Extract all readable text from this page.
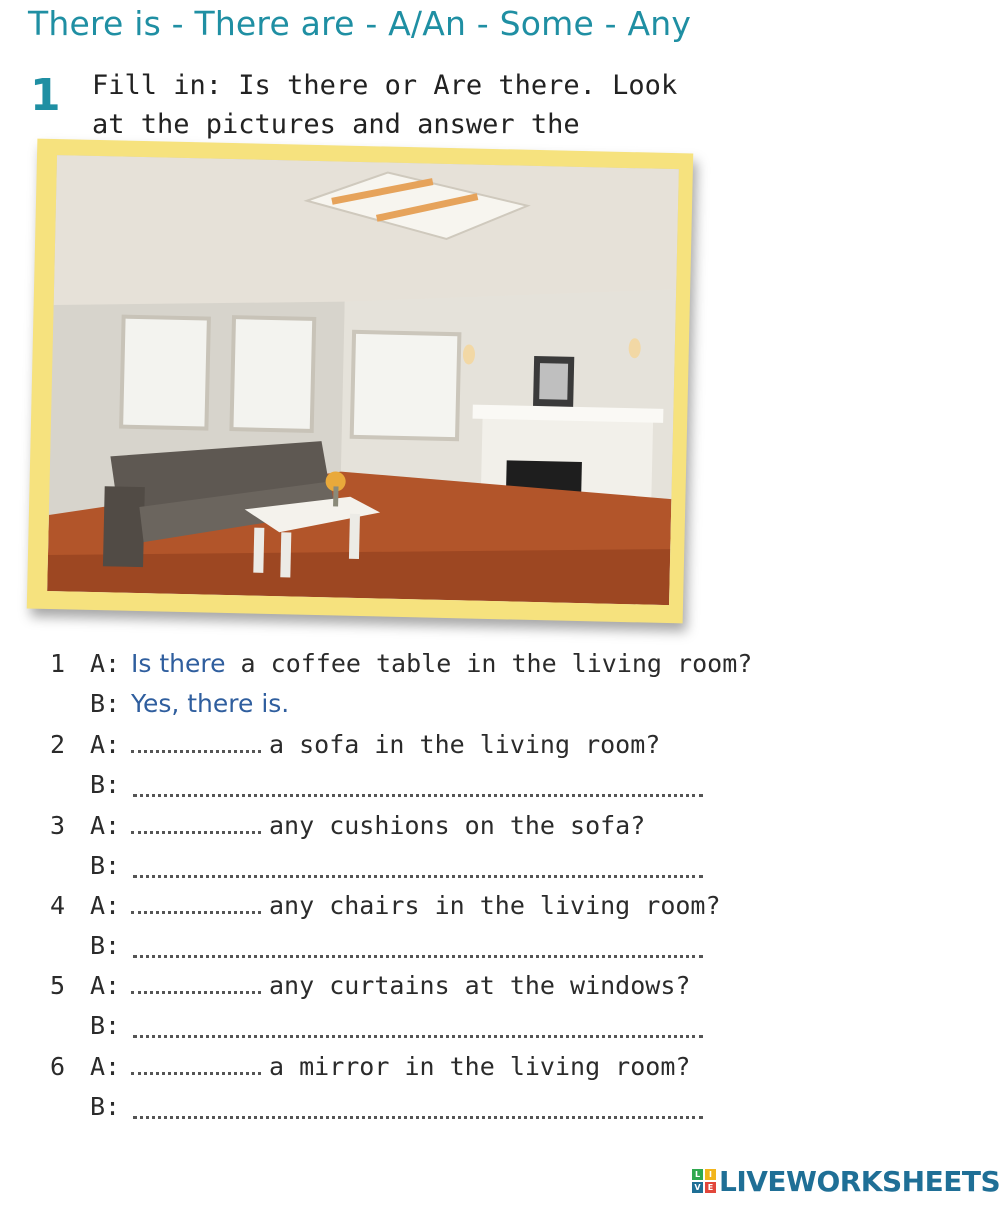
There is - There are - A/An - Some - Any
1 Fill in: Is there or Are there. Look at the pictures and answer the
1 A: Is there a coffee table in the living room?
B: Yes, there is.
2 A:	a sofa in the living room?
B:
3 A:	any cushions on the sofa?
B:
4 A:	any chairs in the living room?
B:
5 A:	any curtains at the windows?
B:
6 A:	a mirror in the living room?
B:
L	I
V E LIVEWORKSHEETS
